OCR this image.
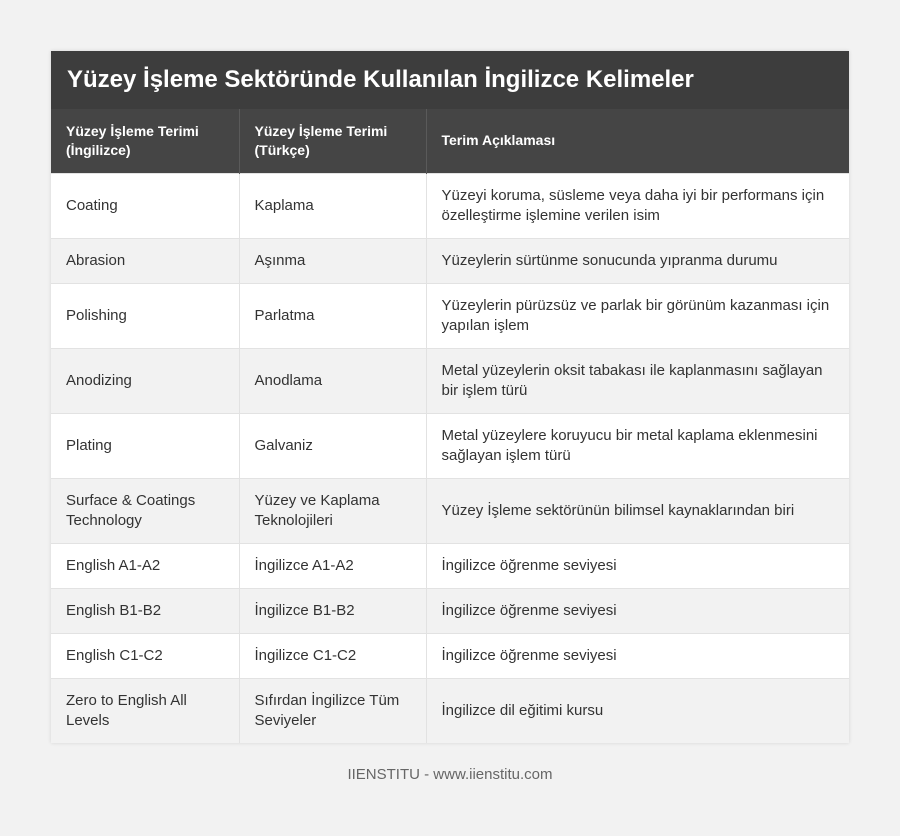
Yüzey İşleme Sektöründe Kullanılan İngilizce Kelimeler
Yüzey İşleme Terimi (İngilizce)	Yüzey İşleme Terimi (Türkçe)	Terim Açıklaması
Coating	Kaplama	Yüzeyi koruma, süsleme veya daha iyi bir performans için özelleştirme işlemine verilen isim
Abrasion	Aşınma	Yüzeylerin sürtünme sonucunda yıpranma durumu
Polishing	Parlatma	Yüzeylerin pürüzsüz ve parlak bir görünüm kazanması için yapılan işlem
Anodizing	Anodlama	Metal yüzeylerin oksit tabakası ile kaplanmasını sağlayan bir işlem türü
Plating	Galvaniz	Metal yüzeylere koruyucu bir metal kaplama eklenmesini sağlayan işlem türü
Surface & Coatings Technology	Yüzey ve Kaplama Teknolojileri	Yüzey İşleme sektörünün bilimsel kaynaklarından biri
English A1-A2	İngilizce A1-A2	İngilizce öğrenme seviyesi
English B1-B2	İngilizce B1-B2	İngilizce öğrenme seviyesi
English C1-C2	İngilizce C1-C2	İngilizce öğrenme seviyesi
Zero to English All Levels	Sıfırdan İngilizce Tüm Seviyeler	İngilizce dil eğitimi kursu
IIENSTITU - www.iienstitu.com
